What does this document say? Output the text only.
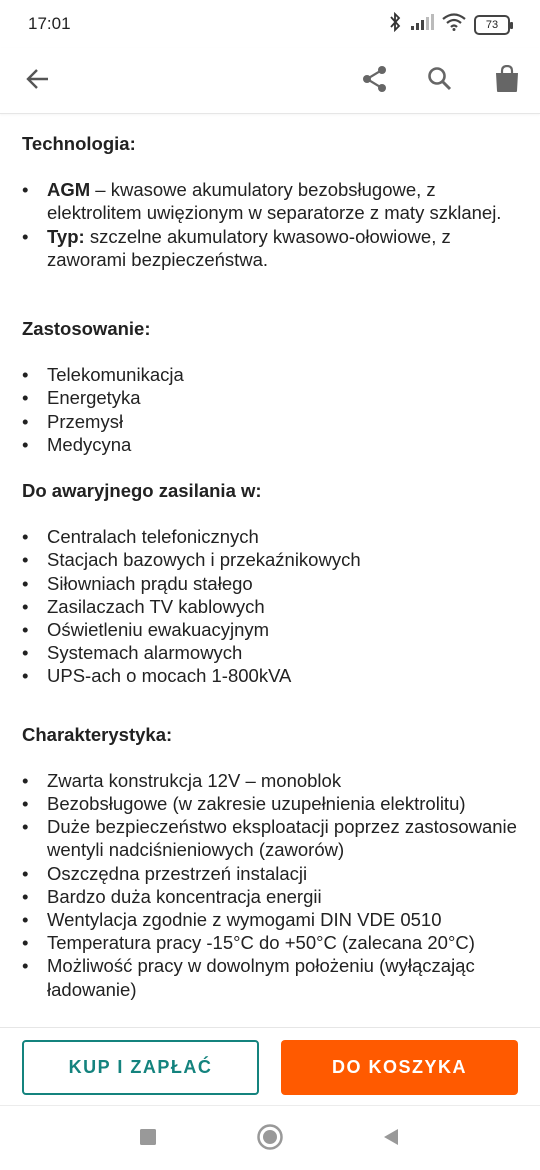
17:01	73
Technologia:
• AGM – kwasowe akumulatory bezobsługowe, z elektrolitem uwięzionym w separatorze z maty szklanej.
• Typ: szczelne akumulatory kwasowo-ołowiowe, z zaworami bezpieczeństwa.
Zastosowanie:
• Telekomunikacja
• Energetyka
• Przemysł
• Medycyna
Do awaryjnego zasilania w:
• Centralach telefonicznych
• Stacjach bazowych i przekaźnikowych
• Siłowniach prądu stałego
• Zasilaczach TV kablowych
• Oświetleniu ewakuacyjnym
• Systemach alarmowych
• UPS-ach o mocach 1-800kVA
Charakterystyka:
• Zwarta konstrukcja 12V – monoblok
• Bezobsługowe (w zakresie uzupełnienia elektrolitu)
• Duże bezpieczeństwo eksploatacji poprzez zastosowanie wentyli nadciśnieniowych (zaworów)
• Oszczędna przestrzeń instalacji
• Bardzo duża koncentracja energii
• Wentylacja zgodnie z wymogami DIN VDE 0510
• Temperatura pracy -15°C do +50°C (zalecana 20°C)
• Możliwość pracy w dowolnym położeniu (wyłączając ładowanie)
KUP I ZAPŁAĆ	DO KOSZYKA
